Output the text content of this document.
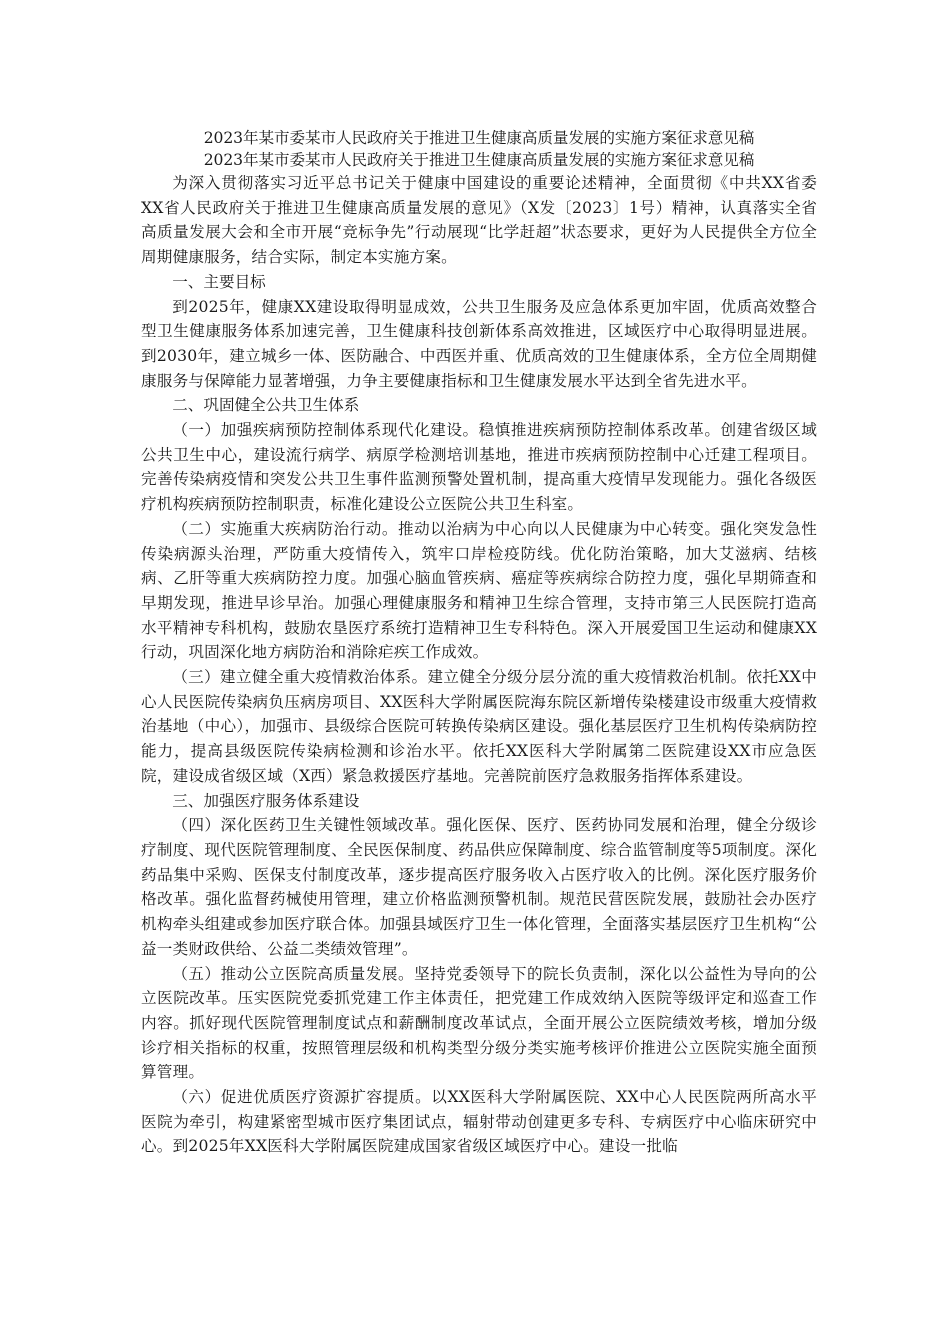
2023年某市委某市人民政府关于推进卫生健康高质量发展的实施方案征求意见稿

2023年某市委某市人民政府关于推进卫生健康高质量发展的实施方案征求意见稿

为深入贯彻落实习近平总书记关于健康中国建设的重要论述精神，全面贯彻《中共XX省委XX省人民政府关于推进卫生健康高质量发展的意见》（X发〔2023〕1号）精神，认真落实全省高质量发展大会和全市开展“竞标争先”行动展现“比学赶超”状态要求，更好为人民提供全方位全周期健康服务，结合实际，制定本实施方案。

一、主要目标

到2025年，健康XX建设取得明显成效，公共卫生服务及应急体系更加牢固，优质高效整合型卫生健康服务体系加速完善，卫生健康科技创新体系高效推进，区域医疗中心取得明显进展。到2030年，建立城乡一体、医防融合、中西医并重、优质高效的卫生健康体系，全方位全周期健康服务与保障能力显著增强，力争主要健康指标和卫生健康发展水平达到全省先进水平。

二、巩固健全公共卫生体系

（一）加强疾病预防控制体系现代化建设。稳慎推进疾病预防控制体系改革。创建省级区域公共卫生中心，建设流行病学、病原学检测培训基地，推进市疾病预防控制中心迁建工程项目。完善传染病疫情和突发公共卫生事件监测预警处置机制，提高重大疫情早发现能力。强化各级医疗机构疾病预防控制职责，标准化建设公立医院公共卫生科室。

（二）实施重大疾病防治行动。推动以治病为中心向以人民健康为中心转变。强化突发急性传染病源头治理，严防重大疫情传入，筑牢口岸检疫防线。优化防治策略，加大艾滋病、结核病、乙肝等重大疾病防控力度。加强心脑血管疾病、癌症等疾病综合防控力度，强化早期筛查和早期发现，推进早诊早治。加强心理健康服务和精神卫生综合管理，支持市第三人民医院打造高水平精神专科机构，鼓励农垦医疗系统打造精神卫生专科特色。深入开展爱国卫生运动和健康XX行动，巩固深化地方病防治和消除疟疾工作成效。

（三）建立健全重大疫情救治体系。建立健全分级分层分流的重大疫情救治机制。依托XX中心人民医院传染病负压病房项目、XX医科大学附属医院海东院区新增传染楼建设市级重大疫情救治基地（中心），加强市、县级综合医院可转换传染病区建设。强化基层医疗卫生机构传染病防控能力，提高县级医院传染病检测和诊治水平。依托XX医科大学附属第二医院建设XX市应急医院，建设成省级区域（X西）紧急救援医疗基地。完善院前医疗急救服务指挥体系建设。

三、加强医疗服务体系建设

（四）深化医药卫生关键性领域改革。强化医保、医疗、医药协同发展和治理，健全分级诊疗制度、现代医院管理制度、全民医保制度、药品供应保障制度、综合监管制度等5项制度。深化药品集中采购、医保支付制度改革，逐步提高医疗服务收入占医疗收入的比例。深化医疗服务价格改革。强化监督药械使用管理，建立价格监测预警机制。规范民营医院发展，鼓励社会办医疗机构牵头组建或参加医疗联合体。加强县域医疗卫生一体化管理，全面落实基层医疗卫生机构“公益一类财政供给、公益二类绩效管理”。

（五）推动公立医院高质量发展。坚持党委领导下的院长负责制，深化以公益性为导向的公立医院改革。压实医院党委抓党建工作主体责任，把党建工作成效纳入医院等级评定和巡查工作内容。抓好现代医院管理制度试点和薪酬制度改革试点，全面开展公立医院绩效考核，增加分级诊疗相关指标的权重，按照管理层级和机构类型分级分类实施考核评价推进公立医院实施全面预算管理。

（六）促进优质医疗资源扩容提质。以XX医科大学附属医院、XX中心人民医院两所高水平医院为牵引，构建紧密型城市医疗集团试点，辐射带动创建更多专科、专病医疗中心临床研究中心。到2025年XX医科大学附属医院建成国家省级区域医疗中心。建设一批临
